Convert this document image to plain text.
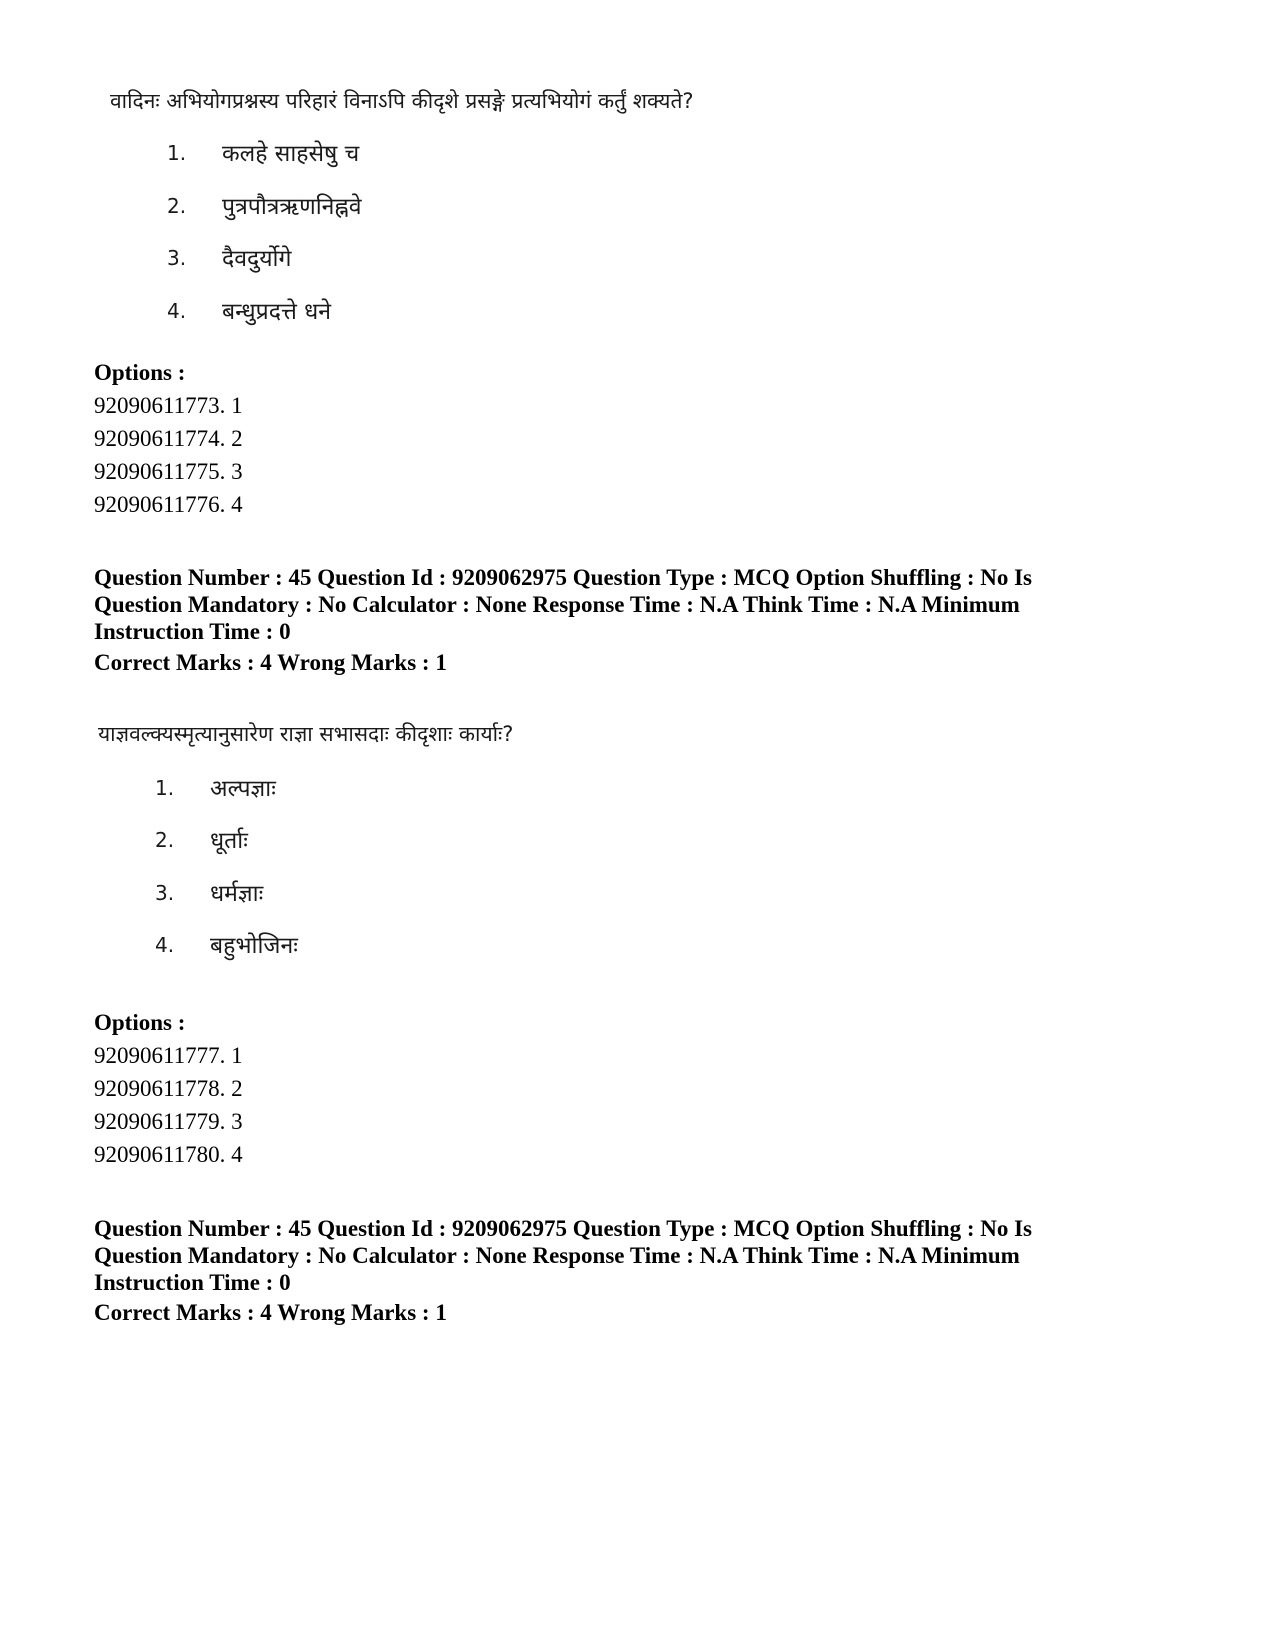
वादिनः अभियोगप्रश्नस्य परिहारं विनाऽपि कीदृशे प्रसङ्गे प्रत्यभियोगं कर्तुं शक्यते?
1. कलहे साहसेषु च
2. पुत्रपौत्रऋणनिह्नवे
3. दैवदुर्योगे
4. बन्धुप्रदत्ते धने
Options :
92090611773. 1
92090611774. 2
92090611775. 3
92090611776. 4
Question Number : 45 Question Id : 9209062975 Question Type : MCQ Option Shuffling : No Is
Question Mandatory : No Calculator : None Response Time : N.A Think Time : N.A Minimum
Instruction Time : 0
Correct Marks : 4 Wrong Marks : 1
याज्ञवल्क्यस्मृत्यानुसारेण राज्ञा सभासदाः कीदृशाः कार्याः?
1. अल्पज्ञाः
2. धूर्ताः
3. धर्मज्ञाः
4. बहुभोजिनः
Options :
92090611777. 1
92090611778. 2
92090611779. 3
92090611780. 4
Question Number : 45 Question Id : 9209062975 Question Type : MCQ Option Shuffling : No Is
Question Mandatory : No Calculator : None Response Time : N.A Think Time : N.A Minimum
Instruction Time : 0
Correct Marks : 4 Wrong Marks : 1
